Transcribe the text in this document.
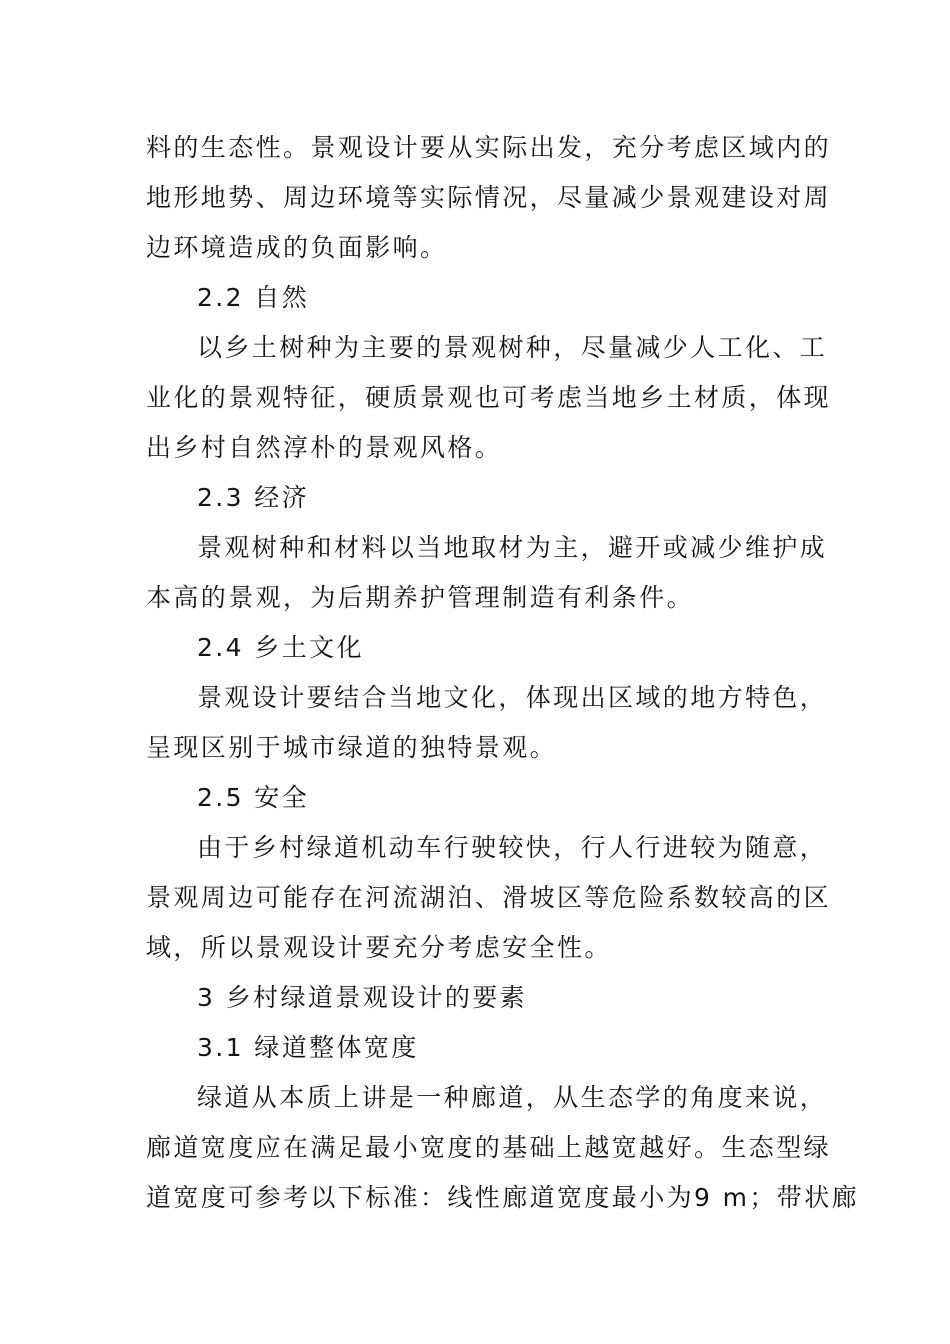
料的生态性。景观设计要从实际出发，充分考虑区域内的
地形地势、周边环境等实际情况，尽量减少景观建设对周
边环境造成的负面影响。
2.2 自然
以乡土树种为主要的景观树种，尽量减少人工化、工
业化的景观特征，硬质景观也可考虑当地乡土材质，体现
出乡村自然淳朴的景观风格。
2.3 经济
景观树种和材料以当地取材为主，避开或减少维护成
本高的景观，为后期养护管理制造有利条件。
2.4 乡土文化
景观设计要结合当地文化，体现出区域的地方特色，
呈现区别于城市绿道的独特景观。
2.5 安全
由于乡村绿道机动车行驶较快，行人行进较为随意，
景观周边可能存在河流湖泊、滑坡区等危险系数较高的区
域，所以景观设计要充分考虑安全性。
3 乡村绿道景观设计的要素
3.1 绿道整体宽度
绿道从本质上讲是一种廊道，从生态学的角度来说，
廊道宽度应在满足最小宽度的基础上越宽越好。生态型绿
道宽度可参考以下标准：线性廊道宽度最小为9 m；带状廊
